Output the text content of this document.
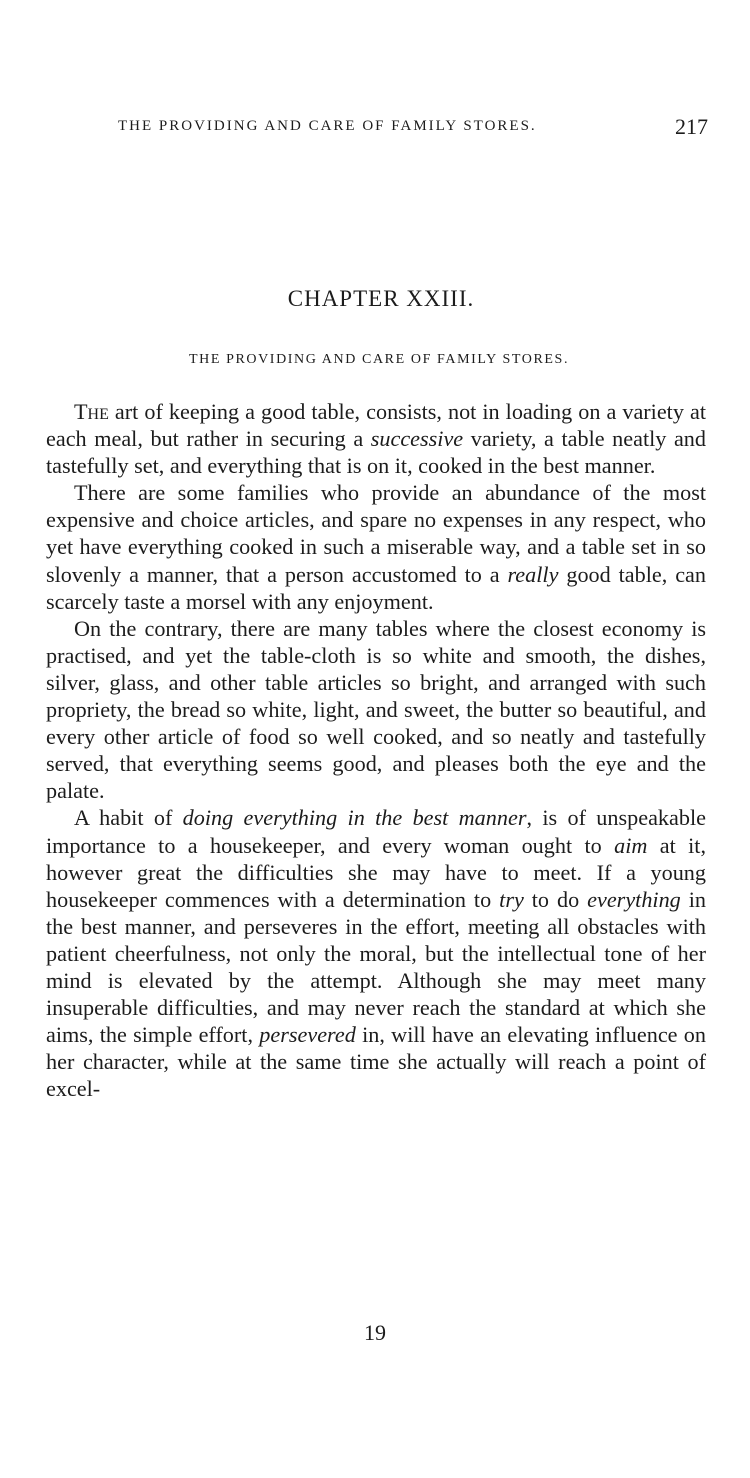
THE PROVIDING AND CARE OF FAMILY STORES.	217
CHAPTER XXIII.
THE PROVIDING AND CARE OF FAMILY STORES.

The art of keeping a good table, consists, not in loading on a variety at each meal, but rather in securing a successive variety, a table neatly and tastefully set, and everything that is on it, cooked in the best manner.

There are some families who provide an abundance of the most expensive and choice articles, and spare no expenses in any respect, who yet have everything cooked in such a miserable way, and a table set in so slovenly a manner, that a person accustomed to a really good table, can scarcely taste a morsel with any enjoyment.

On the contrary, there are many tables where the closest economy is practised, and yet the table-cloth is so white and smooth, the dishes, silver, glass, and other table articles so bright, and arranged with such propriety, the bread so white, light, and sweet, the butter so beautiful, and every other article of food so well cooked, and so neatly and tastefully served, that everything seems good, and pleases both the eye and the palate.

A habit of doing everything in the best manner, is of unspeakable importance to a housekeeper, and every woman ought to aim at it, however great the difficulties she may have to meet. If a young housekeeper commences with a determination to try to do everything in the best manner, and perseveres in the effort, meeting all obstacles with patient cheerfulness, not only the moral, but the intellectual tone of her mind is elevated by the attempt. Although she may meet many insuperable difficulties, and may never reach the standard at which she aims, the simple effort, persevered in, will have an elevating influence on her character, while at the same time she actually will reach a point of excel-

19
